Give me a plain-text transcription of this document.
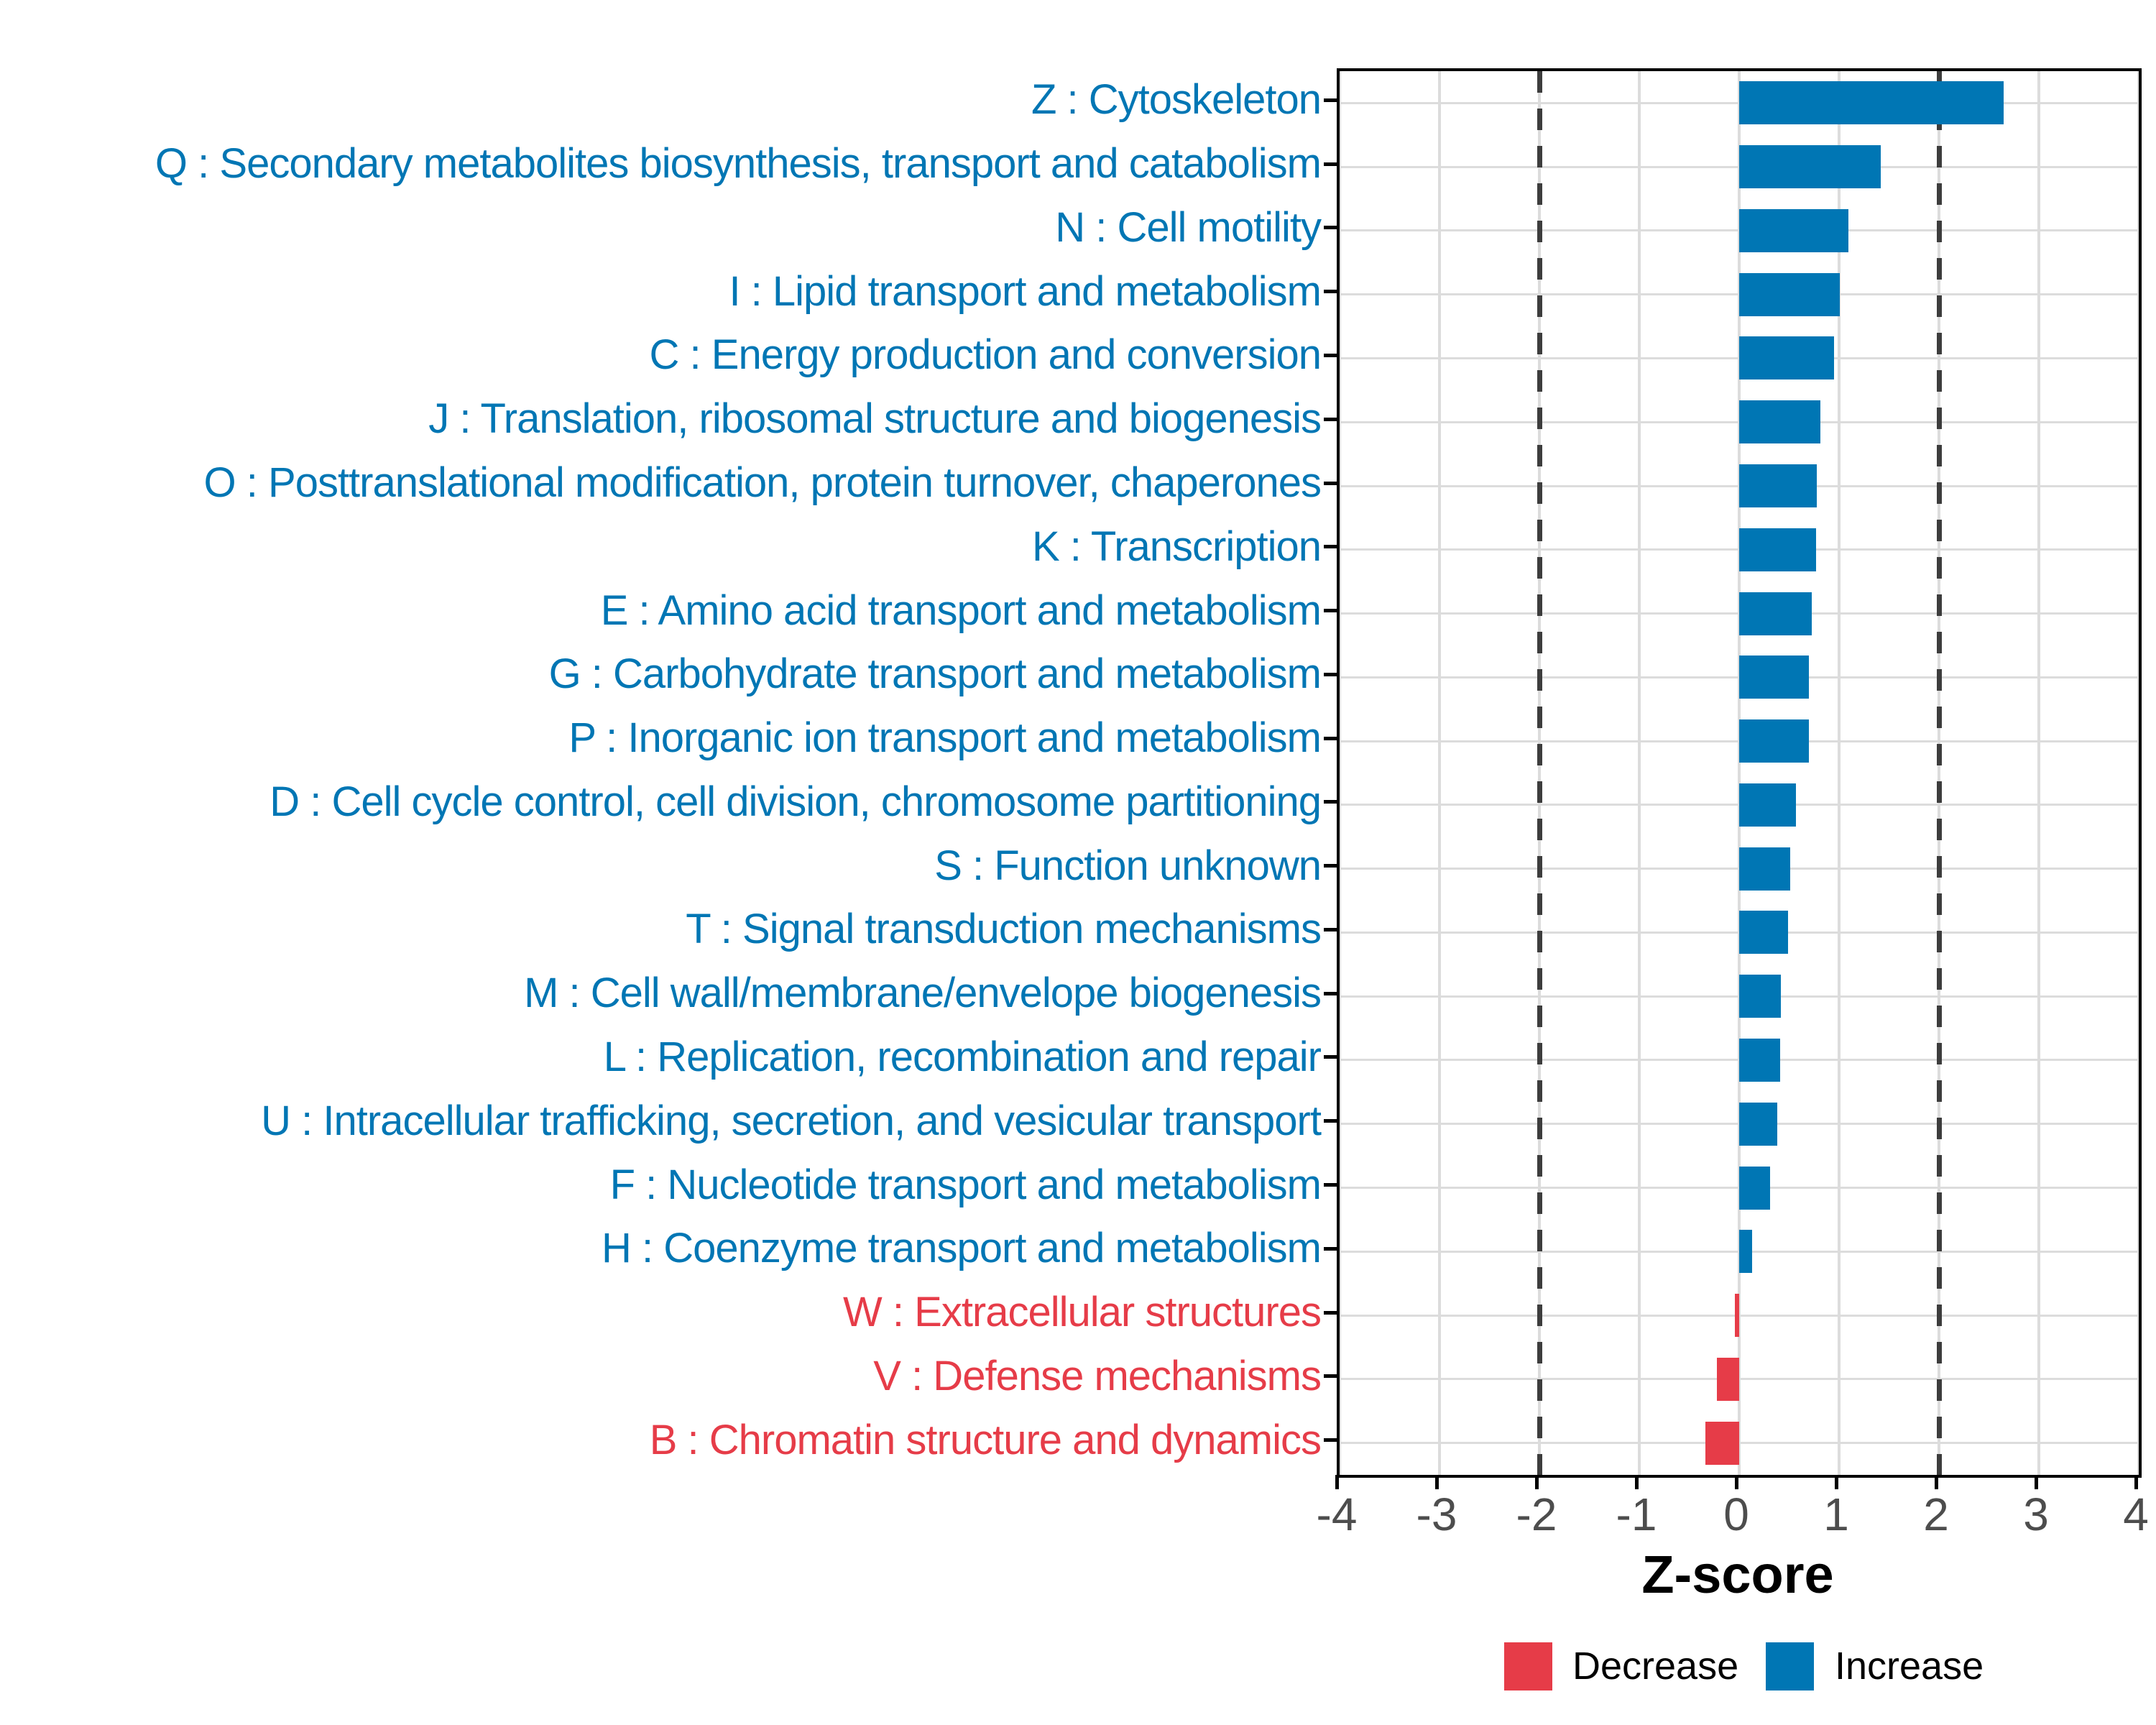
Z-score
Decrease Increase
Z : Cytoskeleton
Q : Secondary metabolites biosynthesis, transport and catabolism
N : Cell motility
I : Lipid transport and metabolism
C : Energy production and conversion
J : Translation, ribosomal structure and biogenesis
O : Posttranslational modification, protein turnover, chaperones
K : Transcription
E : Amino acid transport and metabolism
G : Carbohydrate transport and metabolism
P : Inorganic ion transport and metabolism
D : Cell cycle control, cell division, chromosome partitioning
S : Function unknown
T : Signal transduction mechanisms
M : Cell wall/membrane/envelope biogenesis
L : Replication, recombination and repair
U : Intracellular trafficking, secretion, and vesicular transport
F : Nucleotide transport and metabolism
H : Coenzyme transport and metabolism
W : Extracellular structures
V : Defense mechanisms
B : Chromatin structure and dynamics
-4 -3 -2 -1 0 1 2 3 4
